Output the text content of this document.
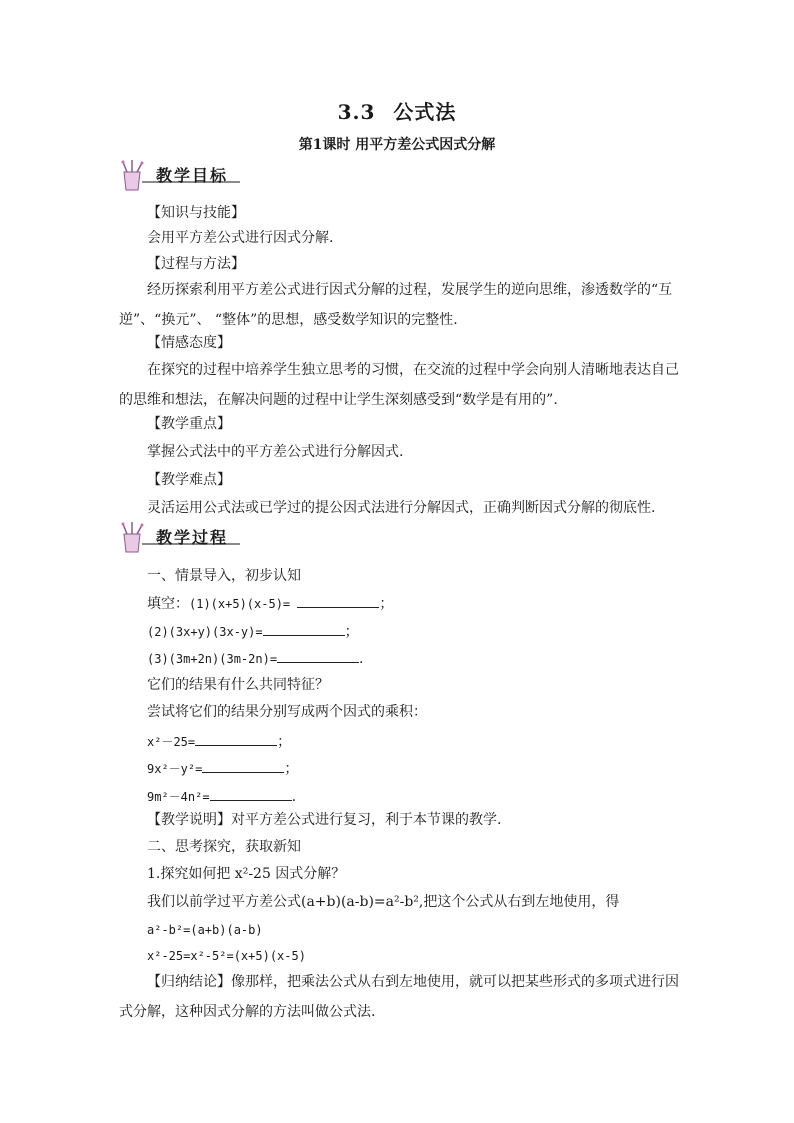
3.3 公式法
第1课时 用平方差公式因式分解
教学目标
【知识与技能】
会用平方差公式进行因式分解.
【过程与方法】
经历探索利用平方差公式进行因式分解的过程，发展学生的逆向思维，渗透数学的“互逆”、“换元”、 “整体”的思想，感受数学知识的完整性.
【情感态度】
在探究的过程中培养学生独立思考的习惯，在交流的过程中学会向别人清晰地表达自己的思维和想法，在解决问题的过程中让学生深刻感受到“数学是有用的”.
【教学重点】
掌握公式法中的平方差公式进行分解因式.
【教学难点】
灵活运用公式法或已学过的提公因式法进行分解因式，正确判断因式分解的彻底性.
教学过程
一、情景导入，初步认知
填空：(1)(x+5)(x-5)=	；
(2)(3x+y)(3x-y)=	；
(3)(3m+2n)(3m-2n)=	.
它们的结果有什么共同特征？
尝试将它们的结果分别写成两个因式的乘积：
x²－25=	；
9x²－y²=	；
9m²－4n²=	.
【教学说明】对平方差公式进行复习，利于本节课的教学.
二、思考探究，获取新知
1.探究如何把 x²-25 因式分解？
我们以前学过平方差公式(a+b)(a-b)=a²-b²,把这个公式从右到左地使用，得
a²-b²=(a+b)(a-b)
x²-25=x²-5²=(x+5)(x-5)
【归纳结论】像那样，把乘法公式从右到左地使用，就可以把某些形式的多项式进行因式分解，这种因式分解的方法叫做公式法.
